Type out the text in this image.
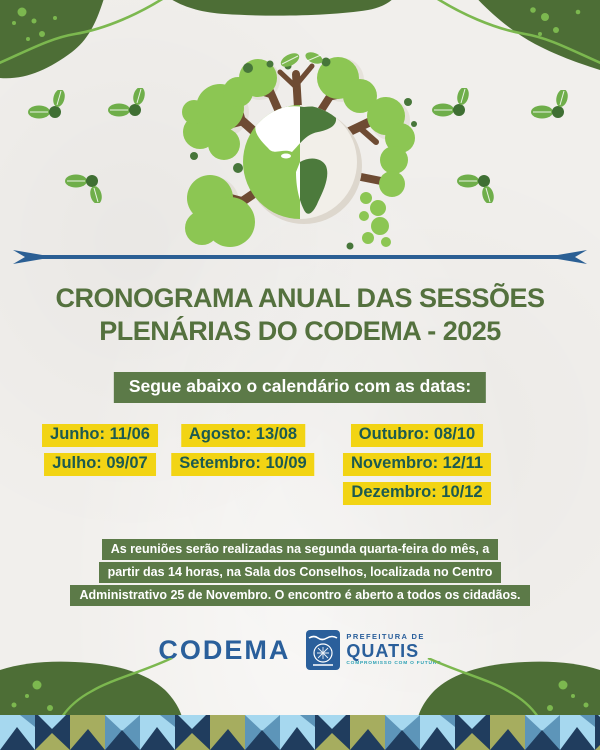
CRONOGRAMA ANUAL DAS SESSÕES
PLENÁRIAS DO CODEMA - 2025
Segue abaixo o calendário com as datas:
Junho: 11/06
Julho: 09/07
Agosto: 13/08
Setembro: 10/09
Outubro: 08/10
Novembro: 12/11
Dezembro: 10/12
As reuniões serão realizadas na segunda quarta-feira do mês, a
partir das 14 horas, na Sala dos Conselhos, localizada no Centro
Administrativo 25 de Novembro. O encontro é aberto a todos os cidadãos.
CODEMA	PREFEITURA DE
QUATIS
COMPROMISSO COM O FUTURO
